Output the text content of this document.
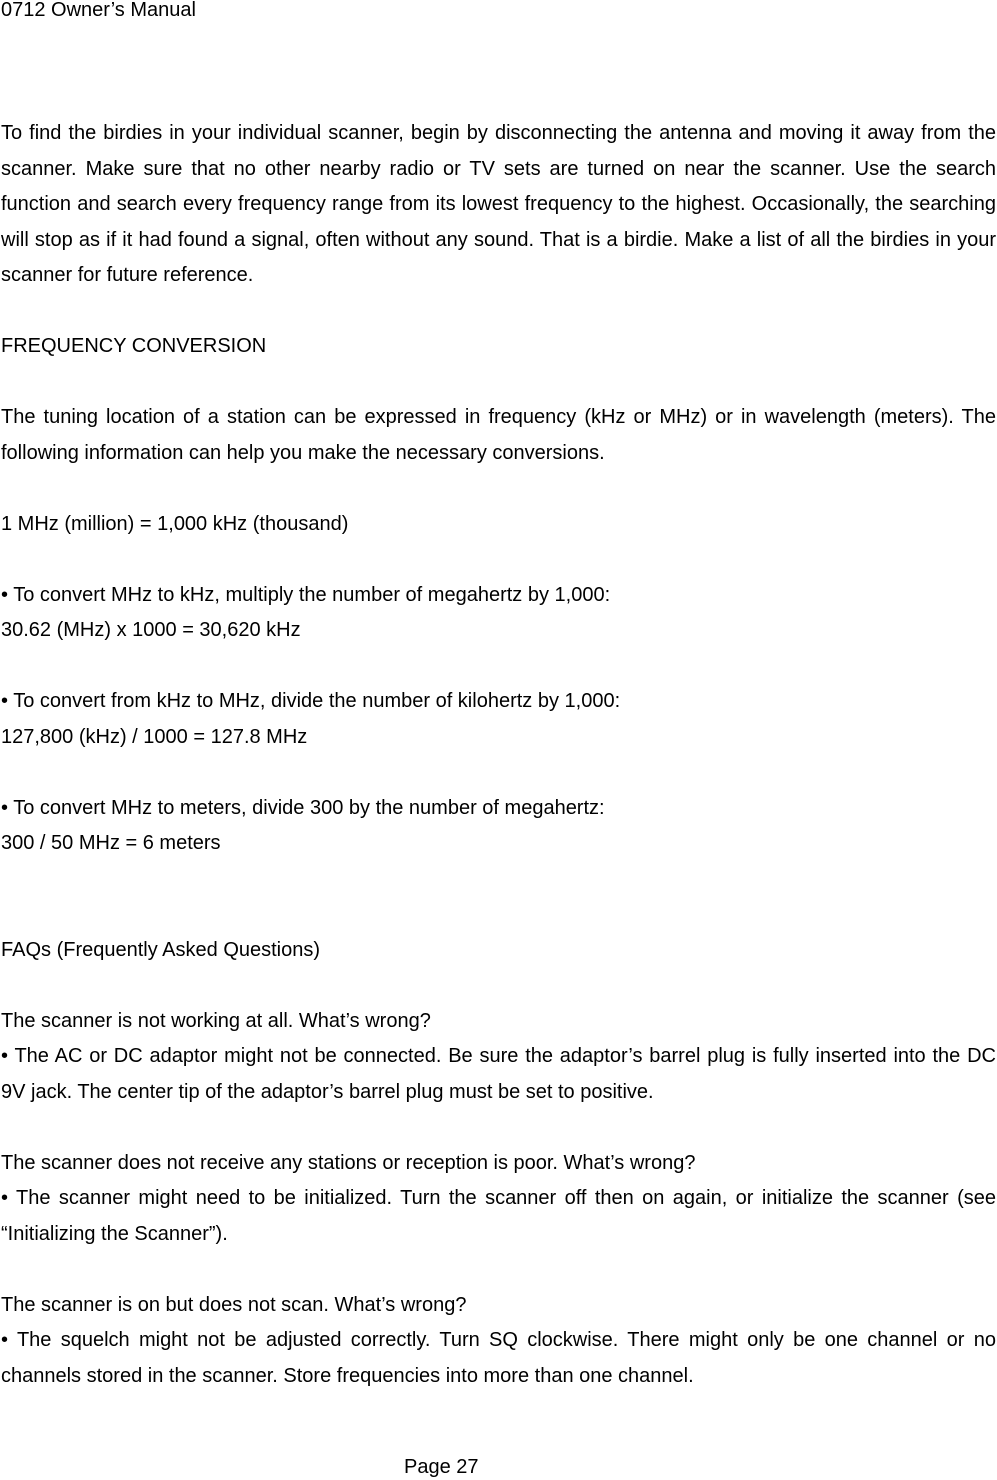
0712 Owner’s Manual

To find the birdies in your individual scanner, begin by disconnecting the antenna and moving it away from the scanner. Make sure that no other nearby radio or TV sets are turned on near the scanner. Use the search function and search every frequency range from its lowest frequency to the highest. Occasionally, the searching will stop as if it had found a signal, often without any sound. That is a birdie. Make a list of all the birdies in your scanner for future reference.

FREQUENCY CONVERSION

The tuning location of a station can be expressed in frequency (kHz or MHz) or in wavelength (meters). The following information can help you make the necessary conversions.

1 MHz (million) = 1,000 kHz (thousand)

• To convert MHz to kHz, multiply the number of megahertz by 1,000:

30.62 (MHz) x 1000 = 30,620 kHz

• To convert from kHz to MHz, divide the number of kilohertz by 1,000:

127,800 (kHz) / 1000 = 127.8 MHz

• To convert MHz to meters, divide 300 by the number of megahertz:

300 / 50 MHz = 6 meters

FAQs (Frequently Asked Questions)

The scanner is not working at all. What’s wrong?

• The AC or DC adaptor might not be connected. Be sure the adaptor’s barrel plug is fully inserted into the DC 9V jack. The center tip of the adaptor’s barrel plug must be set to positive.

The scanner does not receive any stations or reception is poor. What’s wrong?

• The scanner might need to be initialized. Turn the scanner off then on again, or initialize the scanner (see “Initializing the Scanner”).

The scanner is on but does not scan. What’s wrong?

• The squelch might not be adjusted correctly. Turn SQ clockwise. There might only be one channel or no channels stored in the scanner. Store frequencies into more than one channel.

Page 27
